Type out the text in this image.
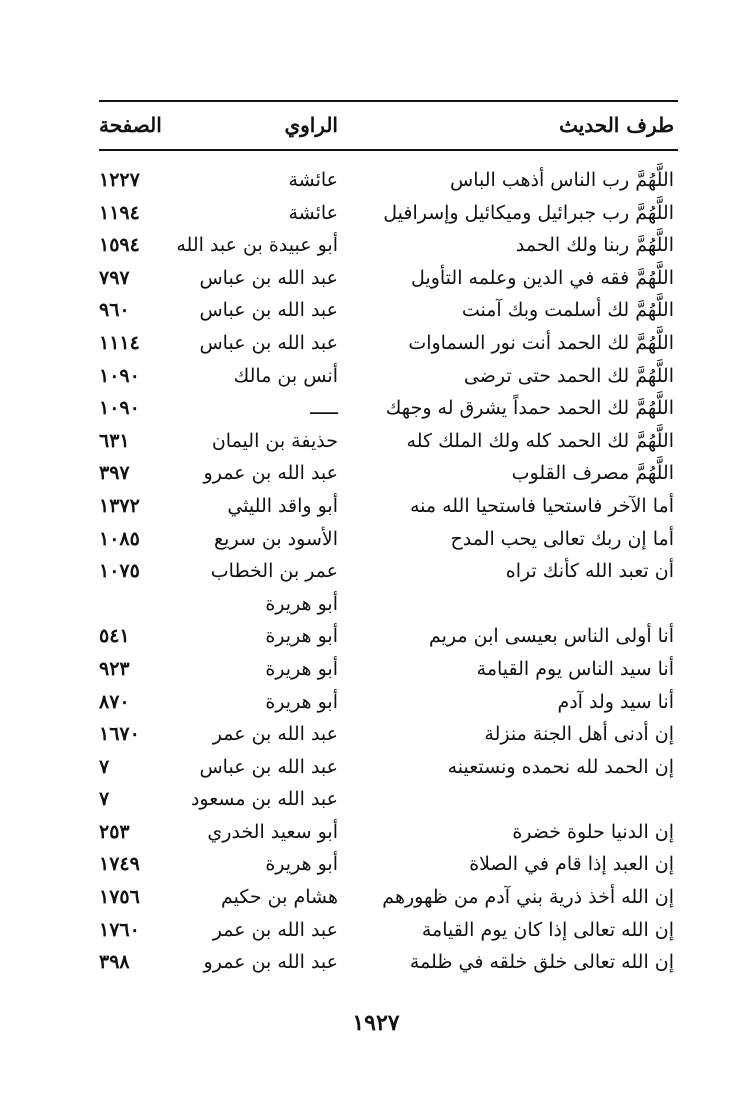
طرف الحديث
الراوي
الصفحة
اللَّهُمَّ رب الناس أذهب الباس
عائشة
١٢٢٧
اللَّهُمَّ رب جبرائيل وميكائيل وإسرافيل
عائشة
١١٩٤
اللَّهُمَّ ربنا ولك الحمد
أبو عبيدة بن عبد الله
١٥٩٤
اللَّهُمَّ فقه في الدين وعلمه التأويل
عبد الله بن عباس
٧٩٧
اللَّهُمَّ لك أسلمت وبك آمنت
عبد الله بن عباس
٩٦٠
اللَّهُمَّ لك الحمد أنت نور السماوات
عبد الله بن عباس
١١١٤
اللَّهُمَّ لك الحمد حتى ترضى
أنس بن مالك
١٠٩٠
اللَّهُمَّ لك الحمد حمداً يشرق له وجهك
ـــــ
١٠٩٠
اللَّهُمَّ لك الحمد كله ولك الملك كله
حذيفة بن اليمان
٦٣١
اللَّهُمَّ مصرف القلوب
عبد الله بن عمرو
٣٩٧
أما الآخر فاستحيا فاستحيا الله منه
أبو واقد الليثي
١٣٧٢
أما إن ربك تعالى يحب المدح
الأسود بن سريع
١٠٨٥
أن تعبد الله كأنك تراه
عمر بن الخطاب
١٠٧٥
أبو هريرة
أنا أولى الناس بعيسى ابن مريم
أبو هريرة
٥٤١
أنا سيد الناس يوم القيامة
أبو هريرة
٩٢٣
أنا سيد ولد آدم
أبو هريرة
٨٧٠
إن أدنى أهل الجنة منزلة
عبد الله بن عمر
١٦٧٠
إن الحمد لله نحمده ونستعينه
عبد الله بن عباس
٧
عبد الله بن مسعود
٧
إن الدنيا حلوة خضرة
أبو سعيد الخدري
٢٥٣
إن العبد إذا قام في الصلاة
أبو هريرة
١٧٤٩
إن الله أخذ ذرية بني آدم من ظهورهم
هشام بن حكيم
١٧٥٦
إن الله تعالى إذا كان يوم القيامة
عبد الله بن عمر
١٧٦٠
إن الله تعالى خلق خلقه في ظلمة
عبد الله بن عمرو
٣٩٨
١٩٢٧
